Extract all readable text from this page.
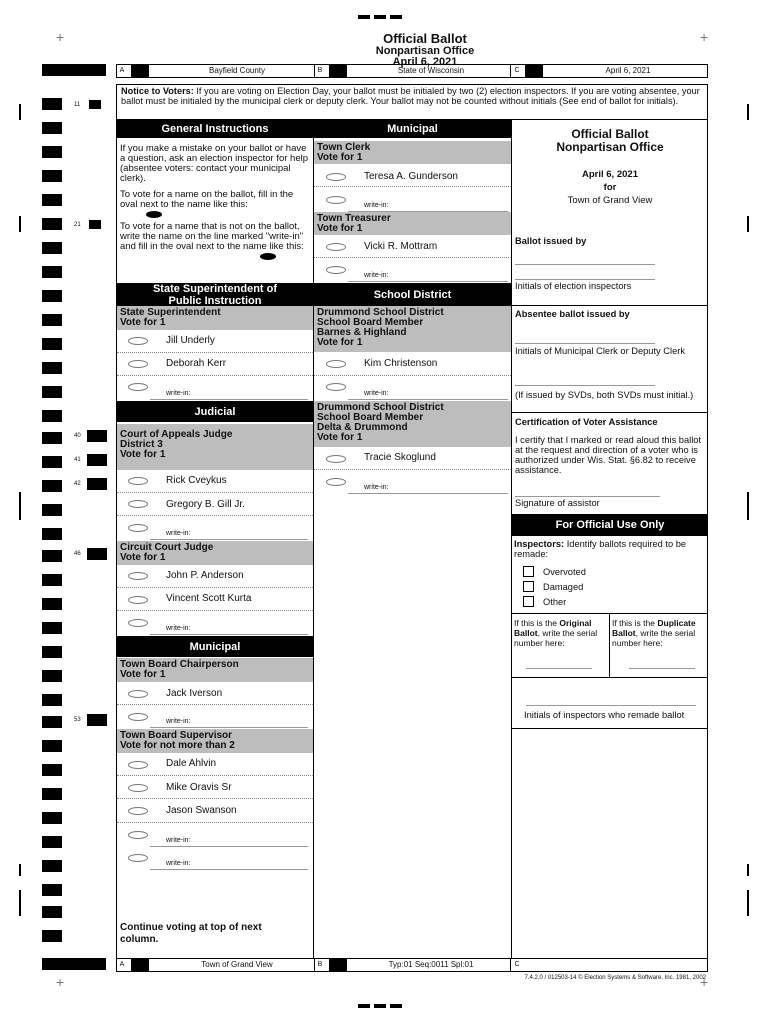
+	+
+	+
11
21
40
41
42
46
53
Official Ballot
Nonpartisan Office
April 6, 2021
A	Bayfield County	B	State of Wisconsin	C	April 6, 2021
Notice to Voters: If you are voting on Election Day, your ballot must be initialed by two (2) election inspectors. If you are voting absentee, your ballot must be initialed by the municipal clerk or deputy clerk. Your ballot may not be counted without initials (See end of ballot for initials).
General Instructions
If you make a mistake on your ballot or have a question, ask an election inspector for help (absentee voters: contact your municipal clerk).
To vote for a name on the ballot, fill in the oval next to the name like this:
To vote for a name that is not on the ballot, write the name on the line marked "write-in" and fill in the oval next to the name like this:
State Superintendent of
Public Instruction
State Superintendent
Vote for 1
Jill Underly
Deborah Kerr
write-in:
Judicial
Court of Appeals Judge
District 3
Vote for 1
Rick Cveykus
Gregory B. Gill Jr.
write-in:
Circuit Court Judge
Vote for 1
John P. Anderson
Vincent Scott Kurta
write-in:
Municipal
Town Board Chairperson
Vote for 1
Jack Iverson
write-in:
Town Board Supervisor
Vote for not more than 2
Dale Ahlvin
Mike Oravis Sr
Jason Swanson
write-in:
write-in:
Continue voting at top of next
column.
Municipal
Town Clerk
Vote for 1
Teresa A. Gunderson
write-in:
Town Treasurer
Vote for 1
Vicki R. Mottram
write-in:
School District
Drummond School District
School Board Member
Barnes & Highland
Vote for 1
Kim Christenson
write-in:
Drummond School District
School Board Member
Delta & Drummond
Vote for 1
Tracie Skoglund
write-in:
Official Ballot
Nonpartisan Office
April 6, 2021
for
Town of Grand View
Ballot issued by
Initials of election inspectors
Absentee ballot issued by
Initials of Municipal Clerk or Deputy Clerk
(If issued by SVDs, both SVDs must initial.)
Certification of Voter Assistance
I certify that I marked or read aloud this ballot at the request and direction of a voter who is authorized under Wis. Stat. §6.82 to receive assistance.
Signature of assistor
For Official Use Only
Inspectors: Identify ballots required to be remade:
Overvoted
Damaged
Other
If this is the Original Ballot, write the serial number here:
If this is the Duplicate Ballot, write the serial number here:
Initials of inspectors who remade ballot
A	Town of Grand View	B	Typ:01 Seq:0011 Spl:01	C
7.4.2.0 / 012503-14 © Election Systems & Software, Inc. 1981, 2002
